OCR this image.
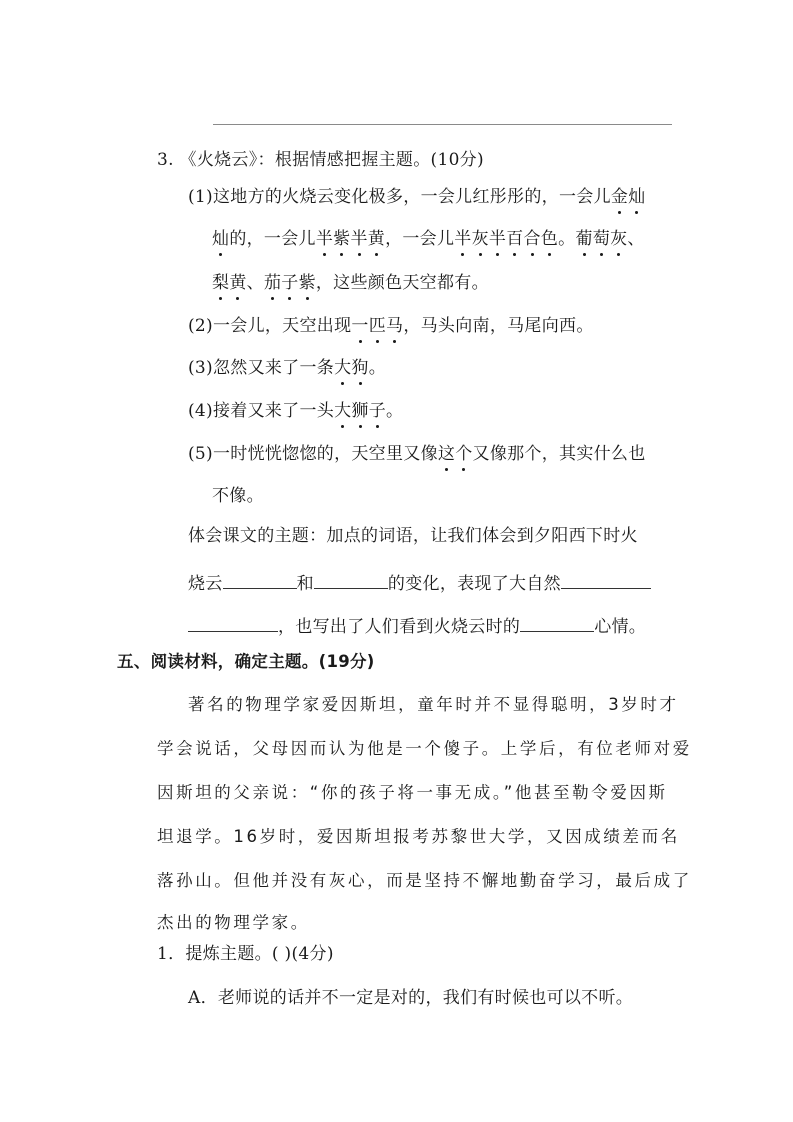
3. 《火烧云》：根据情感把握主题。(10分)
(1)这地方的火烧云变化极多，一会儿红彤彤的，一会儿金灿
灿的，一会儿半紫半黄，一会儿半灰半百合色。葡萄灰、
梨黄、茄子紫，这些颜色天空都有。
(2)一会儿，天空出现一匹马，马头向南，马尾向西。
(3)忽然又来了一条大狗。
(4)接着又来了一头大狮子。
(5)一时恍恍惚惚的，天空里又像这个又像那个，其实什么也
不像。
体会课文的主题：加点的词语，让我们体会到夕阳西下时火
烧云	和	的变化，表现了大自然
，也写出了人们看到火烧云时的	心情。
五、阅读材料，确定主题。(19分)
著名的物理学家爱因斯坦，童年时并不显得聪明，3岁时才
学会说话，父母因而认为他是一个傻子。上学后，有位老师对爱
因斯坦的父亲说：“你的孩子将一事无成。”他甚至勒令爱因斯
坦退学。16岁时，爱因斯坦报考苏黎世大学，又因成绩差而名
落孙山。但他并没有灰心，而是坚持不懈地勤奋学习，最后成了
杰出的物理学家。
1．提炼主题。( )(4分)
A．老师说的话并不一定是对的，我们有时候也可以不听。
